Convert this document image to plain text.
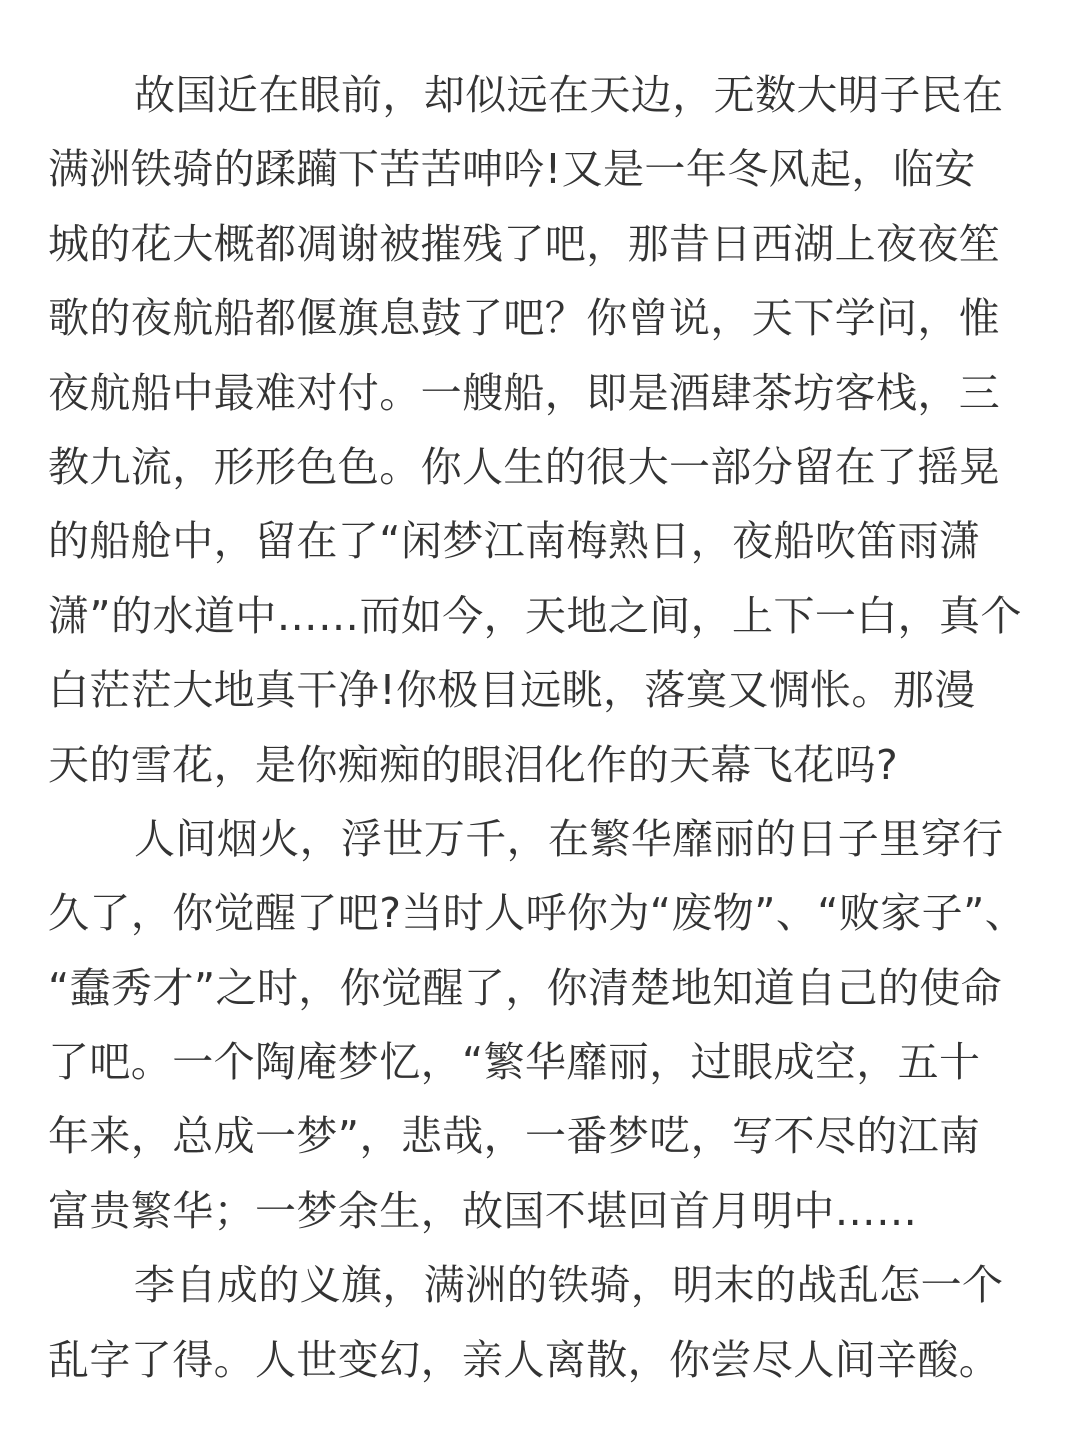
故国近在眼前，却似远在天边，无数大明子民在
满洲铁骑的蹂躏下苦苦呻吟!又是一年冬风起，临安
城的花大概都凋谢被摧残了吧，那昔日西湖上夜夜笙
歌的夜航船都偃旗息鼓了吧？你曾说，天下学问，惟
夜航船中最难对付。一艘船，即是酒肆茶坊客栈，三
教九流，形形色色。你人生的很大一部分留在了摇晃
的船舱中，留在了“闲梦江南梅熟日，夜船吹笛雨潇
潇”的水道中……而如今，天地之间，上下一白，真个
白茫茫大地真干净!你极目远眺，落寞又惆怅。那漫
天的雪花，是你痴痴的眼泪化作的天幕飞花吗?
人间烟火，浮世万千，在繁华靡丽的日子里穿行
久了，你觉醒了吧?当时人呼你为“废物”、“败家子”、
“蠢秀才”之时，你觉醒了，你清楚地知道自己的使命
了吧。一个陶庵梦忆，“繁华靡丽，过眼成空，五十
年来，总成一梦”，悲哉，一番梦呓，写不尽的江南
富贵繁华；一梦余生，故国不堪回首月明中……
李自成的义旗，满洲的铁骑，明末的战乱怎一个
乱字了得。人世变幻，亲人离散，你尝尽人间辛酸。
